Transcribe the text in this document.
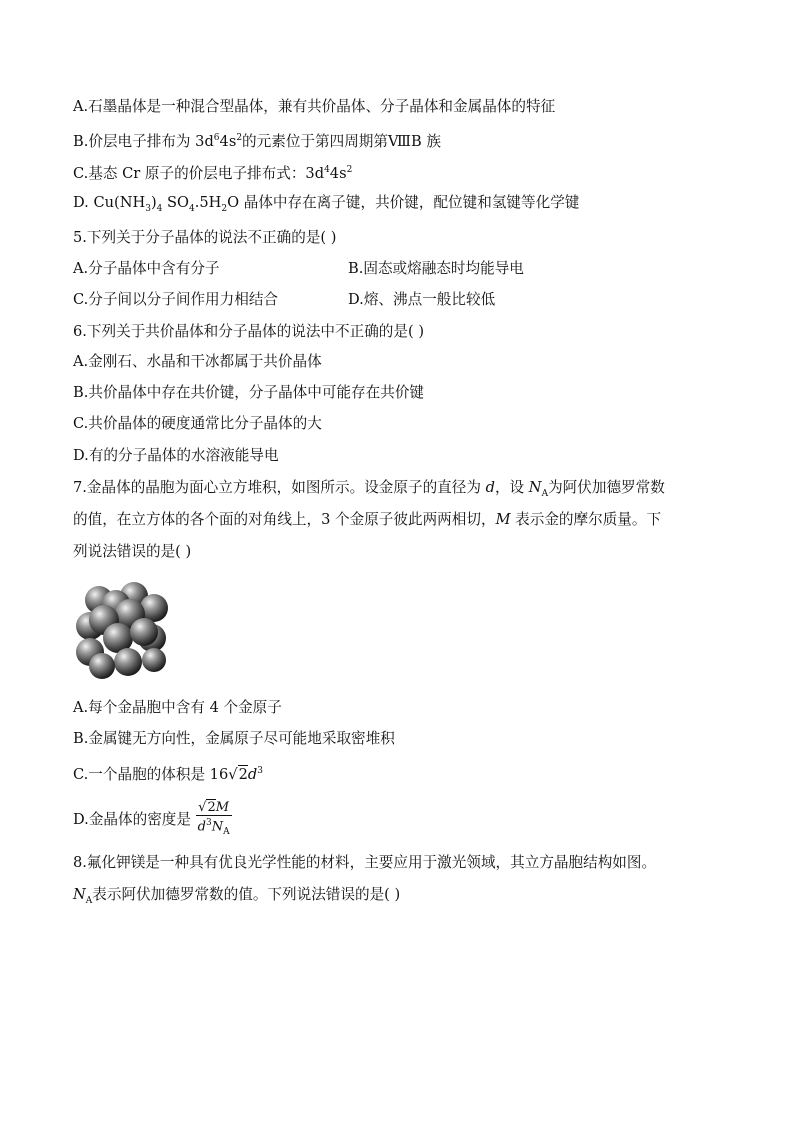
A.石墨晶体是一种混合型晶体，兼有共价晶体、分子晶体和金属晶体的特征
B.价层电子排布为 $3d^64s^2$的元素位于第四周期第ⅧB 族
C.基态 Cr 原子的价层电子排布式：$3d^44s^2$
D. $Cu(NH_3)_4$ $SO_4.5H_2O$ 晶体中存在离子键，共价键，配位键和氢键等化学键
5.下列关于分子晶体的说法不正确的是( )
A.分子晶体中含有分子	B.固态或熔融态时均能导电
C.分子间以分子间作用力相结合	D.熔、沸点一般比较低
6.下列关于共价晶体和分子晶体的说法中不正确的是( )
A.金刚石、水晶和干冰都属于共价晶体
B.共价晶体中存在共价键，分子晶体中可能存在共价键
C.共价晶体的硬度通常比分子晶体的大
D.有的分子晶体的水溶液能导电
7.金晶体的晶胞为面心立方堆积，如图所示。设金原子的直径为 d，设 $N_A$为阿伏加德罗常数
的值，在立方体的各个面的对角线上，3 个金原子彼此两两相切，M 表示金的摩尔质量。下
列说法错误的是( )
A.每个金晶胞中含有 4 个金原子
B.金属键无方向性，金属原子尽可能地采取密堆积
C.一个晶胞的体积是 $16√2d^3$
D.金晶体的密度是 $\frac{√2M}{d^3N_A}$
8.氟化钾镁是一种具有优良光学性能的材料，主要应用于激光领域，其立方晶胞结构如图。
$N_A$表示阿伏加德罗常数的值。下列说法错误的是( )
